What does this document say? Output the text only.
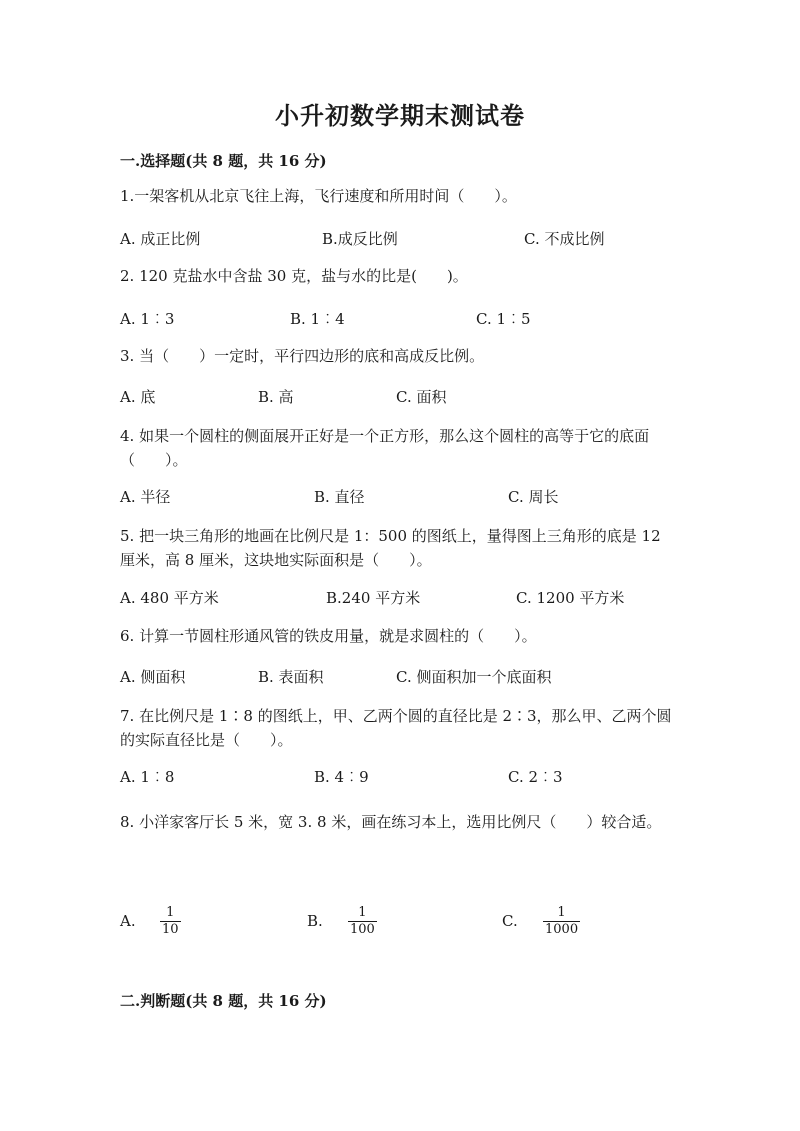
小升初数学期末测试卷
一.选择题(共 8 题，共 16 分)
1.一架客机从北京飞往上海，飞行速度和所用时间（　　）。
A. 成正比例	B.成反比例	C. 不成比例
2. 120 克盐水中含盐 30 克，盐与水的比是(　　)。
A. 1︰3	B. 1︰4	C. 1︰5
3. 当（　　）一定时，平行四边形的底和高成反比例。
A. 底	B. 高	C. 面积
4. 如果一个圆柱的侧面展开正好是一个正方形，那么这个圆柱的高等于它的底面（　　）。
A. 半径	B. 直径	C. 周长
5. 把一块三角形的地画在比例尺是 1：500 的图纸上，量得图上三角形的底是 12 厘米，高 8 厘米，这块地实际面积是（　　）。
A. 480 平方米	B.240 平方米	C. 1200 平方米
6. 计算一节圆柱形通风管的铁皮用量，就是求圆柱的（　　）。
A. 侧面积	B. 表面积	C. 侧面积加一个底面积
7. 在比例尺是 1∶8 的图纸上，甲、乙两个圆的直径比是 2∶3，那么甲、乙两个圆的实际直径比是（　　）。
A. 1︰8	B. 4︰9	C. 2︰3
8. 小洋家客厅长 5 米，宽 3. 8 米，画在练习本上，选用比例尺（　　）较合适。
A. 1
10	B.	1
100	C.	1
1000
二.判断题(共 8 题，共 16 分)
